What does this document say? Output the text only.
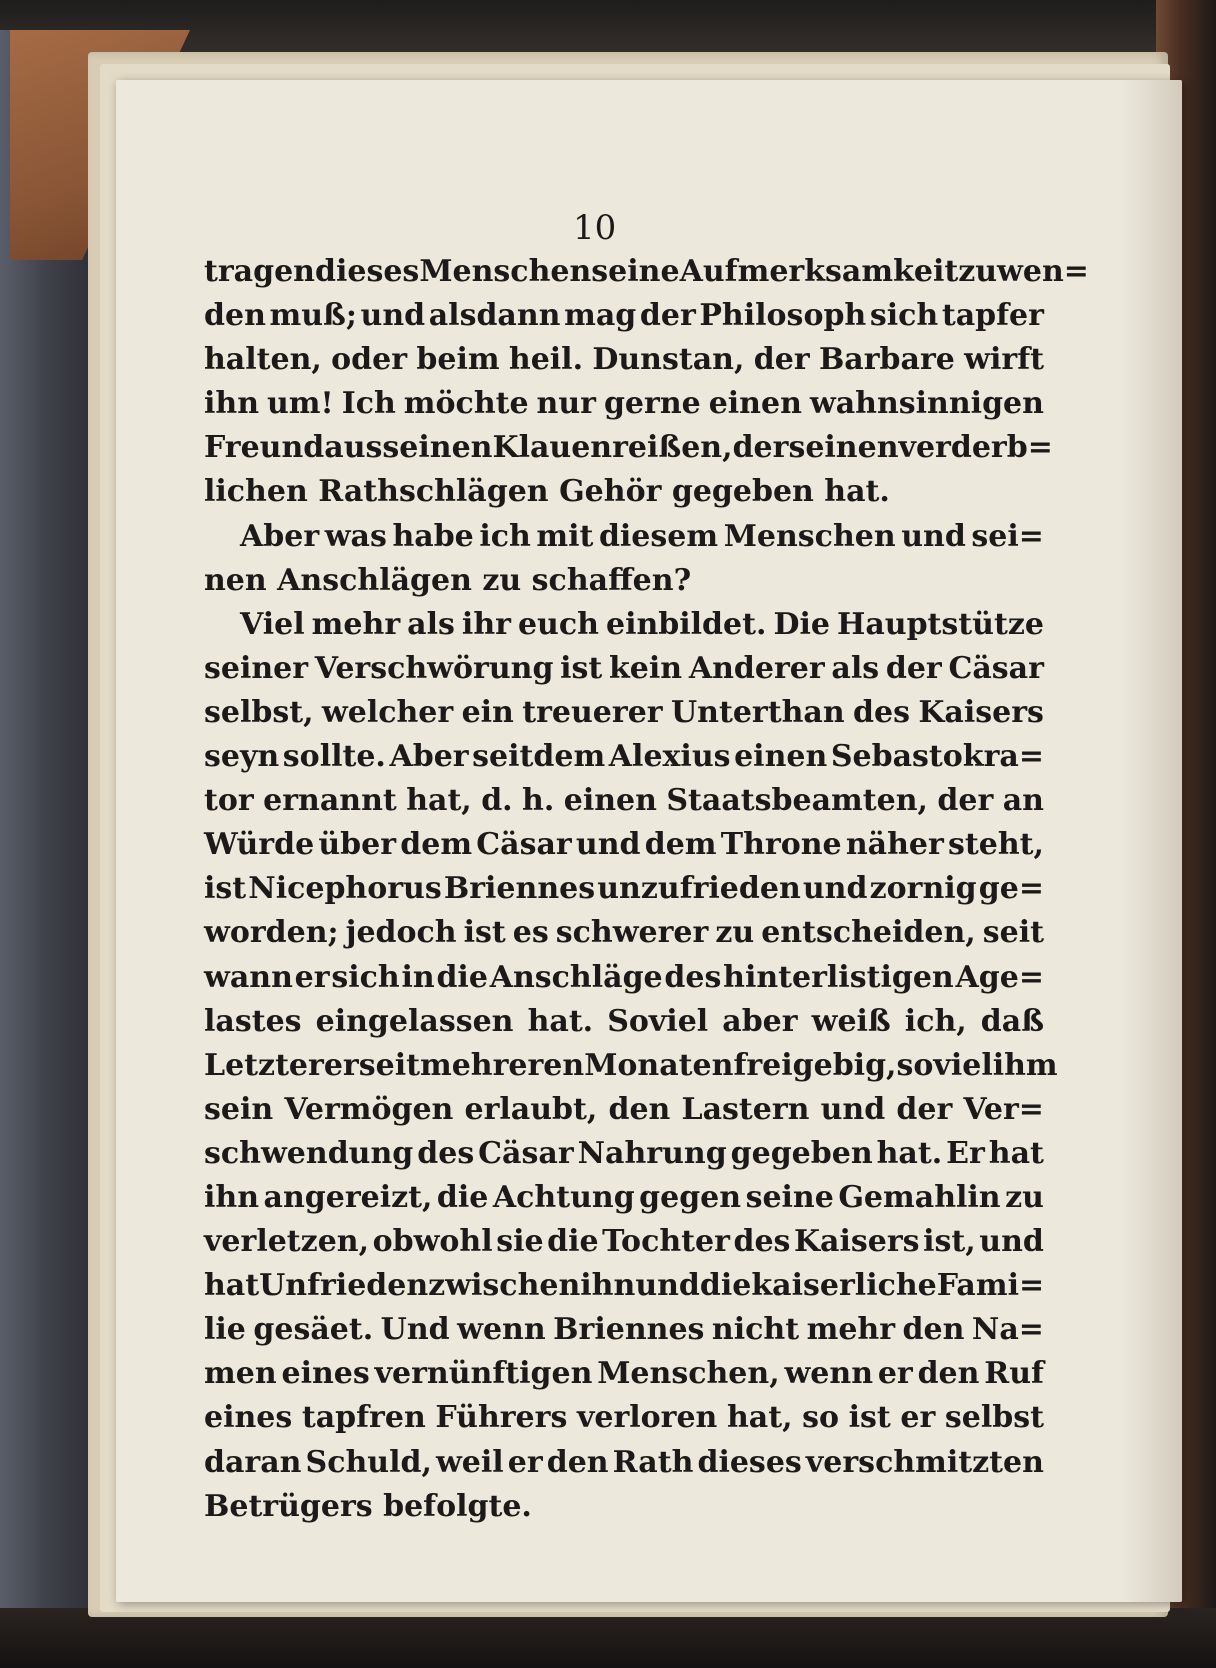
10
tragen dieses Menschen seine Aufmerksamkeit zuwen=
den muß; und alsdann mag der Philosoph sich tapfer
halten, oder beim heil. Dunstan, der Barbare wirft
ihn um! Ich möchte nur gerne einen wahnsinnigen
Freund aus seinen Klauen reißen, der seinen verderb=
lichen Rathschlägen Gehör gegeben hat.
Aber was habe ich mit diesem Menschen und sei=
nen Anschlägen zu schaffen?
Viel mehr als ihr euch einbildet. Die Hauptstütze
seiner Verschwörung ist kein Anderer als der Cäsar
selbst, welcher ein treuerer Unterthan des Kaisers
seyn sollte. Aber seitdem Alexius einen Sebastokra=
tor ernannt hat, d. h. einen Staatsbeamten, der an
Würde über dem Cäsar und dem Throne näher steht,
ist Nicephorus Briennes unzufrieden und zornig ge=
worden; jedoch ist es schwerer zu entscheiden, seit
wann er sich in die Anschläge des hinterlistigen Age=
lastes eingelassen hat. Soviel aber weiß ich, daß
Letzterer seit mehreren Monaten freigebig, soviel ihm
sein Vermögen erlaubt, den Lastern und der Ver=
schwendung des Cäsar Nahrung gegeben hat. Er hat
ihn angereizt, die Achtung gegen seine Gemahlin zu
verletzen, obwohl sie die Tochter des Kaisers ist, und
hat Unfrieden zwischen ihn und die kaiserliche Fami=
lie gesäet. Und wenn Briennes nicht mehr den Na=
men eines vernünftigen Menschen, wenn er den Ruf
eines tapfren Führers verloren hat, so ist er selbst
daran Schuld, weil er den Rath dieses verschmitzten
Betrügers befolgte.
